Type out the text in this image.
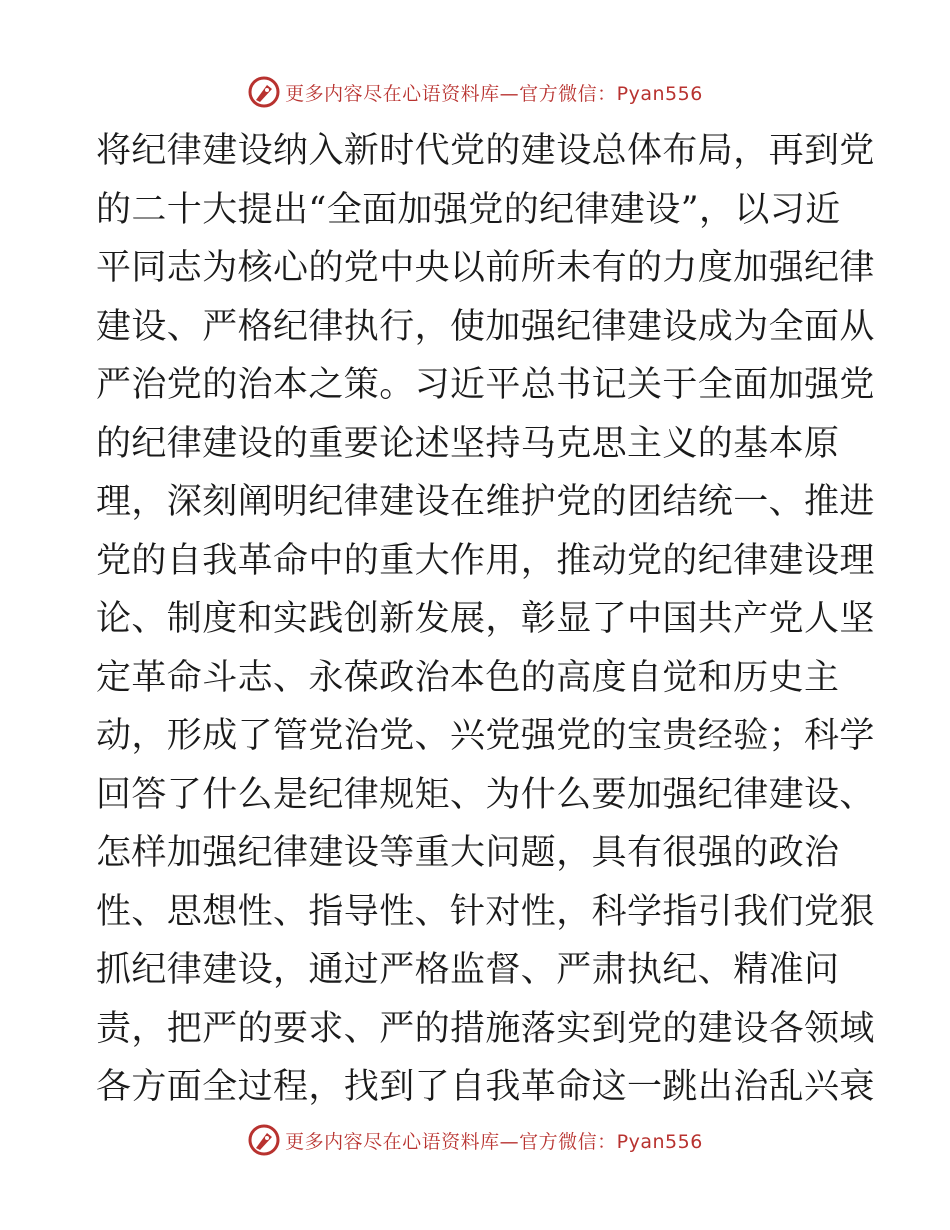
更多内容尽在心语资料库—官方微信：Pyan556
将纪律建设纳入新时代党的建设总体布局，再到党
的二十大提出“全面加强党的纪律建设”，以习近
平同志为核心的党中央以前所未有的力度加强纪律
建设、严格纪律执行，使加强纪律建设成为全面从
严治党的治本之策。习近平总书记关于全面加强党
的纪律建设的重要论述坚持马克思主义的基本原
理，深刻阐明纪律建设在维护党的团结统一、推进
党的自我革命中的重大作用，推动党的纪律建设理
论、制度和实践创新发展，彰显了中国共产党人坚
定革命斗志、永葆政治本色的高度自觉和历史主
动，形成了管党治党、兴党强党的宝贵经验；科学
回答了什么是纪律规矩、为什么要加强纪律建设、
怎样加强纪律建设等重大问题，具有很强的政治
性、思想性、指导性、针对性，科学指引我们党狠
抓纪律建设，通过严格监督、严肃执纪、精准问
责，把严的要求、严的措施落实到党的建设各领域
各方面全过程，找到了自我革命这一跳出治乱兴衰
更多内容尽在心语资料库—官方微信：Pyan556
